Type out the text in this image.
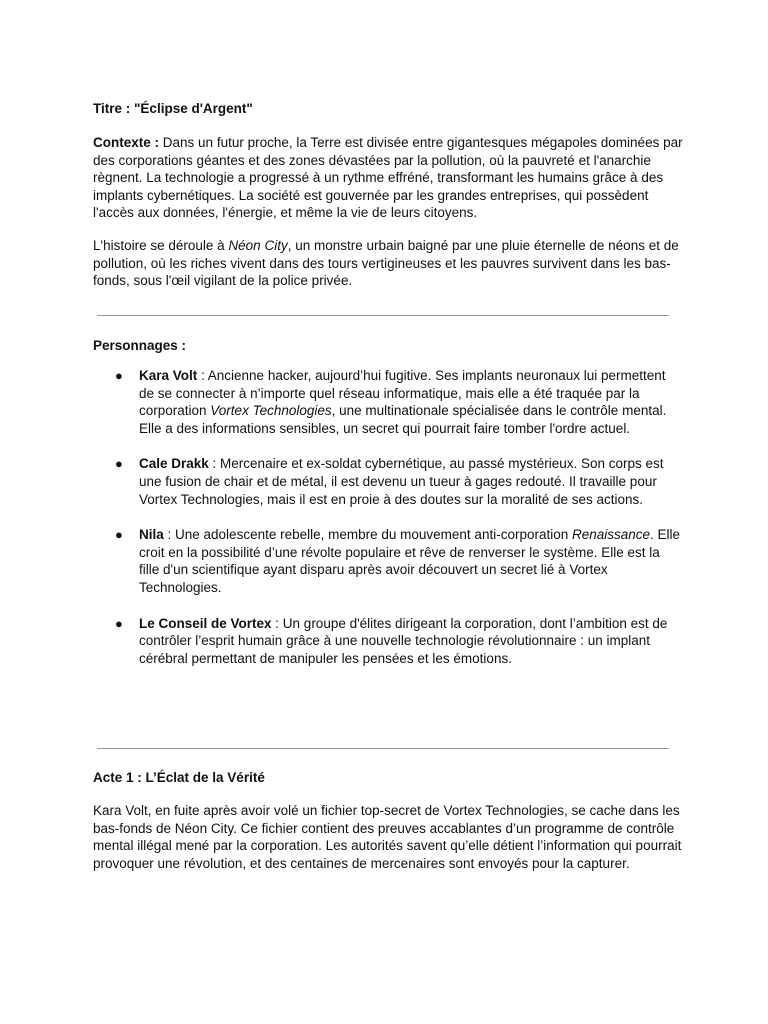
Titre : "Éclipse d'Argent"

Contexte : Dans un futur proche, la Terre est divisée entre gigantesques mégapoles dominées par des corporations géantes et des zones dévastées par la pollution, où la pauvreté et l'anarchie règnent. La technologie a progressé à un rythme effréné, transformant les humains grâce à des implants cybernétiques. La société est gouvernée par les grandes entreprises, qui possèdent l'accès aux données, l'énergie, et même la vie de leurs citoyens.

L'histoire se déroule à Néon City, un monstre urbain baigné par une pluie éternelle de néons et de pollution, où les riches vivent dans des tours vertigineuses et les pauvres survivent dans les bas-fonds, sous l'œil vigilant de la police privée.

Personnages :

● Kara Volt : Ancienne hacker, aujourd’hui fugitive. Ses implants neuronaux lui permettent de se connecter à n’importe quel réseau informatique, mais elle a été traquée par la corporation Vortex Technologies, une multinationale spécialisée dans le contrôle mental. Elle a des informations sensibles, un secret qui pourrait faire tomber l'ordre actuel.
● Cale Drakk : Mercenaire et ex-soldat cybernétique, au passé mystérieux. Son corps est une fusion de chair et de métal, il est devenu un tueur à gages redouté. Il travaille pour Vortex Technologies, mais il est en proie à des doutes sur la moralité de ses actions.
● Nila : Une adolescente rebelle, membre du mouvement anti-corporation Renaissance. Elle croit en la possibilité d’une révolte populaire et rêve de renverser le système. Elle est la fille d'un scientifique ayant disparu après avoir découvert un secret lié à Vortex Technologies.
● Le Conseil de Vortex : Un groupe d'élites dirigeant la corporation, dont l’ambition est de contrôler l’esprit humain grâce à une nouvelle technologie révolutionnaire : un implant cérébral permettant de manipuler les pensées et les émotions.

Acte 1 : L’Éclat de la Vérité

Kara Volt, en fuite après avoir volé un fichier top-secret de Vortex Technologies, se cache dans les bas-fonds de Néon City. Ce fichier contient des preuves accablantes d’un programme de contrôle mental illégal mené par la corporation. Les autorités savent qu’elle détient l’information qui pourrait provoquer une révolution, et des centaines de mercenaires sont envoyés pour la capturer.
